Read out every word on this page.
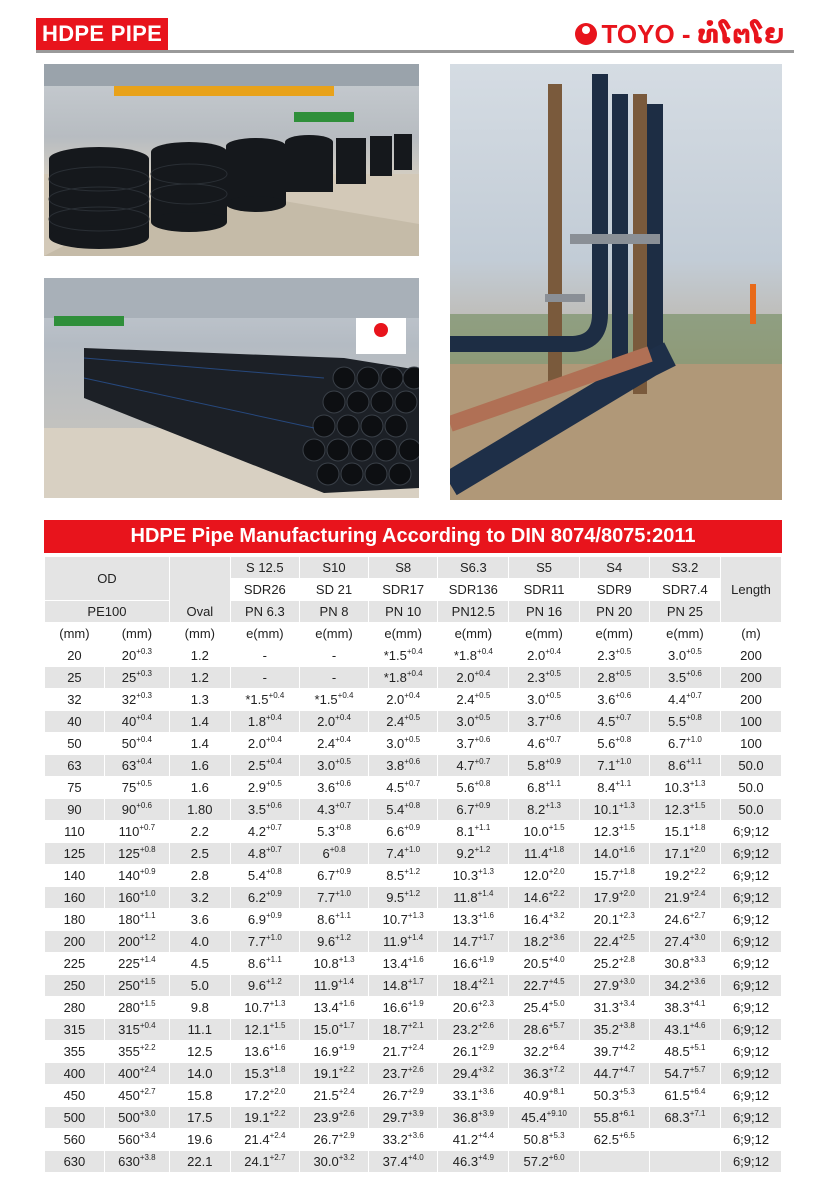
HDPE PIPE	TOYO - ທໍ່ໂຕໂຍ
HDPE Pipe Manufacturing According to DIN 8074/8075:2011
OD		Oval	S 12.5	S10	S8	S6.3	S5	S4	S3.2	Length
			SDR26	SD 21	SDR17	SDR136	SDR11	SDR9	SDR7.4	
PE100			PN 6.3	PN 8	PN 10	PN12.5	PN 16	PN 20	PN 25	
(mm)	(mm)	(mm)	e(mm)	e(mm)	e(mm)	e(mm)	e(mm)	e(mm)	e(mm)	(m)
20	$20^{+0.3}$	1.2	-	-	$*1.5^{+0.4}$	$*1.8^{+0.4}$	$2.0^{+0.4}$	$2.3^{+0.5}$	$3.0^{+0.5}$	200
25	$25^{+0.3}$	1.2	-	-	$*1.8^{+0.4}$	$2.0^{+0.4}$	$2.3^{+0.5}$	$2.8^{+0.5}$	$3.5^{+0.6}$	200
32	$32^{+0.3}$	1.3	$*1.5^{+0.4}$	$*1.5^{+0.4}$	$2.0^{+0.4}$	$2.4^{+0.5}$	$3.0^{+0.5}$	$3.6^{+0.6}$	$4.4^{+0.7}$	200
40	$40^{+0.4}$	1.4	$1.8^{+0.4}$	$2.0^{+0.4}$	$2.4^{+0.5}$	$3.0^{+0.5}$	$3.7^{+0.6}$	$4.5^{+0.7}$	$5.5^{+0.8}$	100
50	$50^{+0.4}$	1.4	$2.0^{+0.4}$	$2.4^{+0.4}$	$3.0^{+0.5}$	$3.7^{+0.6}$	$4.6^{+0.7}$	$5.6^{+0.8}$	$6.7^{+1.0}$	100
63	$63^{+0.4}$	1.6	$2.5^{+0.4}$	$3.0^{+0.5}$	$3.8^{+0.6}$	$4.7^{+0.7}$	$5.8^{+0.9}$	$7.1^{+1.0}$	$8.6^{+1.1}$	50.0
75	$75^{+0.5}$	1.6	$2.9^{+0.5}$	$3.6^{+0.6}$	$4.5^{+0.7}$	$5.6^{+0.8}$	$6.8^{+1.1}$	$8.4^{+1.1}$	$10.3^{+1.3}$	50.0
90	$90^{+0.6}$	1.80	$3.5^{+0.6}$	$4.3^{+0.7}$	$5.4^{+0.8}$	$6.7^{+0.9}$	$8.2^{+1.3}$	$10.1^{+1.3}$	$12.3^{+1.5}$	50.0
110	$110^{+0.7}$	2.2	$4.2^{+0.7}$	$5.3^{+0.8}$	$6.6^{+0.9}$	$8.1^{+1.1}$	$10.0^{+1.5}$	$12.3^{+1.5}$	$15.1^{+1.8}$	6;9;12
125	$125^{+0.8}$	2.5	$4.8^{+0.7}$	$6^{+0.8}$	$7.4^{+1.0}$	$9.2^{+1.2}$	$11.4^{+1.8}$	$14.0^{+1.6}$	$17.1^{+2.0}$	6;9;12
140	$140^{+0.9}$	2.8	$5.4^{+0.8}$	$6.7^{+0.9}$	$8.5^{+1.2}$	$10.3^{+1.3}$	$12.0^{+2.0}$	$15.7^{+1.8}$	$19.2^{+2.2}$	6;9;12
160	$160^{+1.0}$	3.2	$6.2^{+0.9}$	$7.7^{+1.0}$	$9.5^{+1.2}$	$11.8^{+1.4}$	$14.6^{+2.2}$	$17.9^{+2.0}$	$21.9^{+2.4}$	6;9;12
180	$180^{+1.1}$	3.6	$6.9^{+0.9}$	$8.6^{+1.1}$	$10.7^{+1.3}$	$13.3^{+1.6}$	$16.4^{+3.2}$	$20.1^{+2.3}$	$24.6^{+2.7}$	6;9;12
200	$200^{+1.2}$	4.0	$7.7^{+1.0}$	$9.6^{+1.2}$	$11.9^{+1.4}$	$14.7^{+1.7}$	$18.2^{+3.6}$	$22.4^{+2.5}$	$27.4^{+3.0}$	6;9;12
225	$225^{+1.4}$	4.5	$8.6^{+1.1}$	$10.8^{+1.3}$	$13.4^{+1.6}$	$16.6^{+1.9}$	$20.5^{+4.0}$	$25.2^{+2.8}$	$30.8^{+3.3}$	6;9;12
250	$250^{+1.5}$	5.0	$9.6^{+1.2}$	$11.9^{+1.4}$	$14.8^{+1.7}$	$18.4^{+2.1}$	$22.7^{+4.5}$	$27.9^{+3.0}$	$34.2^{+3.6}$	6;9;12
280	$280^{+1.5}$	9.8	$10.7^{+1.3}$	$13.4^{+1.6}$	$16.6^{+1.9}$	$20.6^{+2.3}$	$25.4^{+5.0}$	$31.3^{+3.4}$	$38.3^{+4.1}$	6;9;12
315	$315^{+0.4}$	11.1	$12.1^{+1.5}$	$15.0^{+1.7}$	$18.7^{+2.1}$	$23.2^{+2.6}$	$28.6^{+5.7}$	$35.2^{+3.8}$	$43.1^{+4.6}$	6;9;12
355	$355^{+2.2}$	12.5	$13.6^{+1.6}$	$16.9^{+1.9}$	$21.7^{+2.4}$	$26.1^{+2.9}$	$32.2^{+6.4}$	$39.7^{+4.2}$	$48.5^{+5.1}$	6;9;12
400	$400^{+2.4}$	14.0	$15.3^{+1.8}$	$19.1^{+2.2}$	$23.7^{+2.6}$	$29.4^{+3.2}$	$36.3^{+7.2}$	$44.7^{+4.7}$	$54.7^{+5.7}$	6;9;12
450	$450^{+2.7}$	15.8	$17.2^{+2.0}$	$21.5^{+2.4}$	$26.7^{+2.9}$	$33.1^{+3.6}$	$40.9^{+8.1}$	$50.3^{+5.3}$	$61.5^{+6.4}$	6;9;12
500	$500^{+3.0}$	17.5	$19.1^{+2.2}$	$23.9^{+2.6}$	$29.7^{+3.9}$	$36.8^{+3.9}$	$45.4^{+9.10}$	$55.8^{+6.1}$	$68.3^{+7.1}$	6;9;12
560	$560^{+3.4}$	19.6	$21.4^{+2.4}$	$26.7^{+2.9}$	$33.2^{+3.6}$	$41.2^{+4.4}$	$50.8^{+5.3}$	$62.5^{+6.5}$		6;9;12
630	$630^{+3.8}$	22.1	$24.1^{+2.7}$	$30.0^{+3.2}$	$37.4^{+4.0}$	$46.3^{+4.9}$	$57.2^{+6.0}$			6;9;12
